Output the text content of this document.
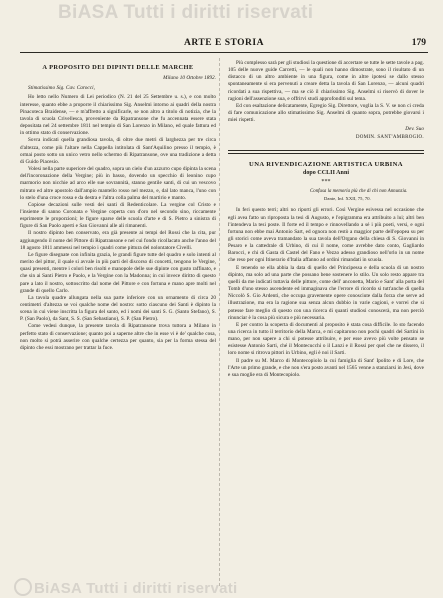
BiASA Tutti i diritti riservati
ARTE E STORIA	179
A PROPOSITO DEI DIPINTI DELLE MARCHE
Milano 10 Ottobre 1892.
Stimatissimo Sig. Cav. Carocci,

Ho letto nello Numero di Lei periodico (N. 21 del 25 Settembre u. s.), e con molto interesse, quanto ebbe a proporre il chiarissimo Sig. Anselmi intorno ai quadri della nostra Pinacoteca Braidense, — e m'affretto a significarle, se non altro a titolo di notizia, che la tavola di scuola Crivellesca, proveniente da Ripatransone che fu accennata essere stata depositata nel 24 settembre 1811 nel tempio di San Lorenzo in Milano, ed quale fattura ed in ottimo stato di conservazione.

Sovra indicati quella grandiosa tavola, di oltre due metri di larghezza per tre circa d'altezza, come più l'altare nella Cappella intitolata di Sant'Aquilino presso il tempio, è ormai posto sotto un unico vetro nello schermo di Ripatransone, ove una tradizione a detta di Guido Piacesio.

Volesi nella parte superiore del quadro, sopra un cielo d'un azzurro cupo dipinta la scena dell'incoronazione della Vergine; più in basso, dovendo un specchio di leonino cupo marmorio non nicchie ad arco elle sue sovrannità, stanno gentile santi, di cui un vescovo mitrato ed altre apostolo dall'ampio mantello rosso nel mezzo, e, dal lato manca, l'uno con lo stelo d'una croce rossa e da destra e l'altra colla palma del martirio e manto.

Copiose decazioni sulle vesti dei santi di Redenticolare. La vergine col Cristo e l'insieme di sanno Coronata e Vergine coperta con d'oro nel secondo sino, riccamente esprimente le proporzioni; le figure sparse delle scuola d'arte e di S. Pietro a sinistra di figure di San Paolo aperti e San Giovanni alle ali rimanenti.

Il nostro dipinto ben conservato, era già presente ai tempi del Rossi che la cita, pur aggiungendo il nome del Pittore di Ripatransone e nel cui fondo ricollacato anche l'anno del 18 agosto 1811 ammessi nel tempio i quadri come pittura del nolontatore Civelli.

Le figure disegnate con infinita grazia, le grandi figure tutte del quadro e solo intenti al merito del pittor, il quale si avvale in più parti del discorso di concetti, tengono le Vergine, quasi presenti, mentre i colori ben risolti e manopole delle sue dipinte con gusto raffinato, e che sin ai Santi Pietro e Paolo, e la Vergine con la Madonna; in cui invece diritto di questo pare a lato il nostro, sottoscritto dal nome del Pittore e con fortuna e mano apre molti nel grande di quello Carlo.

La tavola quadre allungata nella sua parte inferiore con un ornamento di circa 20 centimetri d'altezza se voi qualche nome del nostro: sotto ciascuno dei Santi è dipinto la scena in cui viene inscritta la figura del santo, ed i nomi dei santi S. G. (Santo Stefano), S. P. (San Paolo), da Sant, S. S. (San Sebastiano), S. P. (San Pietro).

Come vedesi dunque, la presente tavola di Ripatransone trova tuttora a Milano in perfetto stato di conservazione; quanto poi a saperne altre che in esse vi è de' qualche cosa, non molto si potrà asserire con qualche certezza per quanto, sia per la forma stessa del dipinto che essi mostrano per trattar la fuce.

Più complesso sarà per gli studiosi la questione di accertare se tutte le sette tavole a pag. 105 delle nuove guide Carcetti, — le quali non hanno dimostrate, sono il risultato di un distacco di un altro ambiente in una figura, come in altre ipotesi se dallo stesso spontaneamente si era pervenuti a creare detta la tavola di San Lorenzo, — alcuni quadri ricordati a sua rispettiva, — ma se ciò il chiarissimo Sig. Anselmi si riservò di dover le ragioni dell'assenzione sua, e offrirvi studi approfonditi sul tema.

Ed con esaltazione delicatamente, Egregio Sig. Direttore, voglia la S. V. se non ci creda di fare comunicazione allo stimatissimo Sig. Anselmi di quanto sopra, potrebbe giovarsi i miei rispetti.

Dev. Suo
DOMIN. SANT'AMBROGIO.
UNA RIVENDICAZIONE ARTISTICA URBINA
dopo CCLII Anni
***
Confusa la memoria più che di chi non Annunzia.
Dante, Inf. XXII, 75, 70.

In feri questo terri; altri no riporti gli errori. Così Vergine esivessa nel occasione che egli avea fatto un riproposta la tesi di Augusto, e l'epigramma era attribuito a lui; altri ben l'intendeva la tesi poste. Il forte ed il tempo e rinnovellando a sé i più poeti, versi, e ogni fortuna non ebbe mai Antonio Sart, ed ognora non restò a maggior parte dell'epopea su per gli storici come aveva tramandato la sua tavola dell'Organo della chiesa di S. Giovanni in Pesaro e la cattedrale di Urbino, di cui il nome, come avrebbe dato conto, Gagliardo Barocci, e chi di Gasta di Castel del Fano e Vezzo adesso grandioso nell'orlo in un nome che reso per ogni Itinerario d'Italia affanno ad ordini rimandati in scuola.

E tenendo se ella abbia la data di quello del Principessa e della scuola di un nostro dipinto, ma solo ad una parte che possano bene sostenere lo stilo. Un solo resto appare tra quelli da me indicati tuttavia delle pitture, come dell' anconetta, Mario e Sant' alla porta del Tomb d'uno stesso ascendente ed immaginava che l'errore di ricordo si tutt'anche di quella Niccolò S. Gio Ardenti, che occupa gravemente opere conosciute dalla forza che serve ad illustrazione, ma era la ragione sua senza alcun dubbio in varie cagioni, e vorrei che si potesse fare meglio di questo con una ricerca di quanti studiosi conoscerà, ma non perciò rinunciar è la cosa più sicura e più necessaria.

E per contro la scoperta di documenti al proposito è stata cosa difficile. Io sto facendo una ricerca in tutto il territorio della Marca, e mi capitarono non pochi quadri del Sartini in mano, per non sapere a chi si potesse attribuire, e per esse avevo più volte pensato se esistesse Antonio Sarti, ché il Montecucchi o il Lanzi e il Rossi per quel che ne dissero, il loro nome si ritrova pittori in Urbino, egli è noi il Sarti.

Il padre su M. Marco di Montecopiolo la cui famiglia di Sant' Ipolito e di Lore, che l'Arte un primo grande, e che non s'era posto avanti nel 1565 venne a stanziarsi in Jesi, dove e sua moglie era di Montecopiolo.

BiASA Tutti i diritti riservati
